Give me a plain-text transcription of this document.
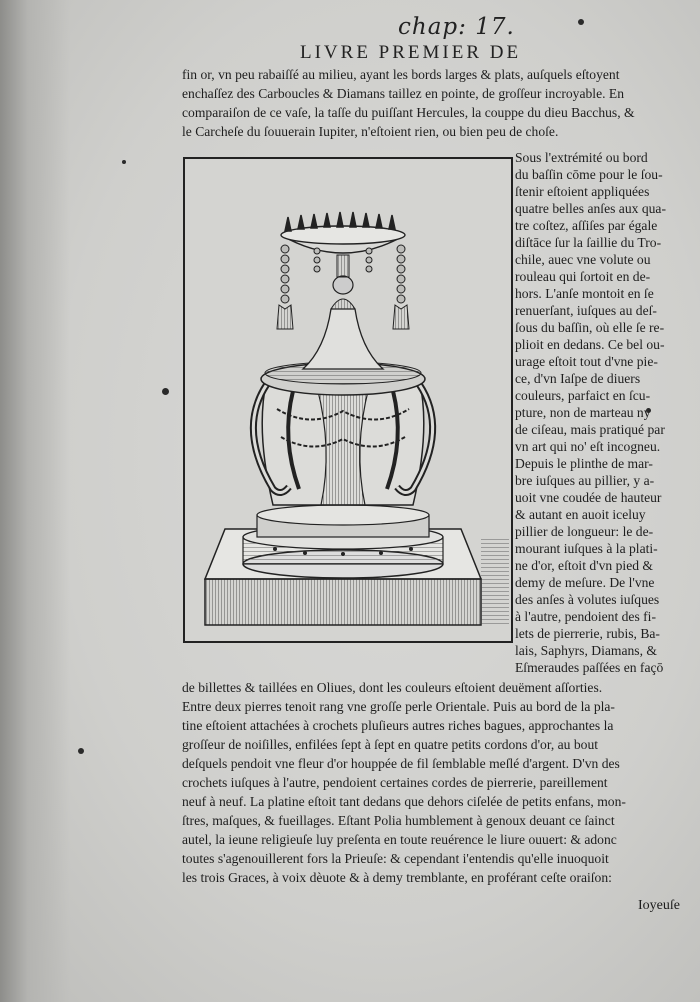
chap: 17.
LIVRE PREMIER DE
fin or, vn peu rabaiſſé au milieu, ayant les bords larges & plats, auſquels eſtoyent
enchaſſez des Carboucles & Diamans taillez en pointe, de groſſeur incroyable. En
comparaiſon de ce vaſe, la taſſe du puiſſant Hercules, la couppe du dieu Bacchus, &
le Carcheſe du ſouuerain Iupiter, n'eſtoient rien, ou bien peu de choſe.
Sous l'extrémité ou bord
du baſſin cōme pour le ſou-
ſtenir eſtoient appliquées
quatre belles anſes aux qua-
tre coſtez, aſſiſes par égale
diſtāce ſur la ſaillie du Tro-
chile, auec vne volute ou
rouleau qui ſortoit en de-
hors. L'anſe montoit en ſe
renuerſant, iuſques au deſ-
ſous du baſſin, où elle ſe re-
plioit en dedans. Ce bel ou-
urage eſtoit tout d'vne pie-
ce, d'vn Iaſpe de diuers
couleurs, parfaict en ſcu-
pture, non de marteau ny
de ciſeau, mais pratiqué par
vn art qui no' eſt incogneu.
Depuis le plinthe de mar-
bre iuſques au pillier, y a-
uoit vne coudée de hauteur
& autant en auoit iceluy
pillier de longueur: le de-
mourant iuſques à la plati-
ne d'or, eſtoit d'vn pied &
demy de meſure. De l'vne
des anſes à volutes iuſques
à l'autre, pendoient des fi-
lets de pierrerie, rubis, Ba-
lais, Saphyrs, Diamans, &
Eſmeraudes paſſées en façō
de billettes & taillées en Oliues, dont les couleurs eſtoient deuëment aſſorties.
Entre deux pierres tenoit rang vne groſſe perle Orientale. Puis au bord de la pla-
tine eſtoient attachées à crochets pluſieurs autres riches bagues, approchantes la
groſſeur de noiſilles, enfilées ſept à ſept en quatre petits cordons d'or, au bout
deſquels pendoit vne fleur d'or houppée de fil ſemblable meſlé d'argent. D'vn des
crochets iuſques à l'autre, pendoient certaines cordes de pierrerie, pareillement
neuf à neuf. La platine eſtoit tant dedans que dehors ciſelée de petits enfans, mon-
ſtres, maſques, & fueillages. Eſtant Polia humblement à genoux deuant ce ſainct
autel, la ieune religieuſe luy preſenta en toute reuérence le liure ouuert: & adonc
toutes s'agenouillerent fors la Prieuſe: & cependant i'entendis qu'elle inuoquoit
les trois Graces, à voix dèuote & à demy tremblante, en proférant ceſte oraiſon:
Ioyeuſe
